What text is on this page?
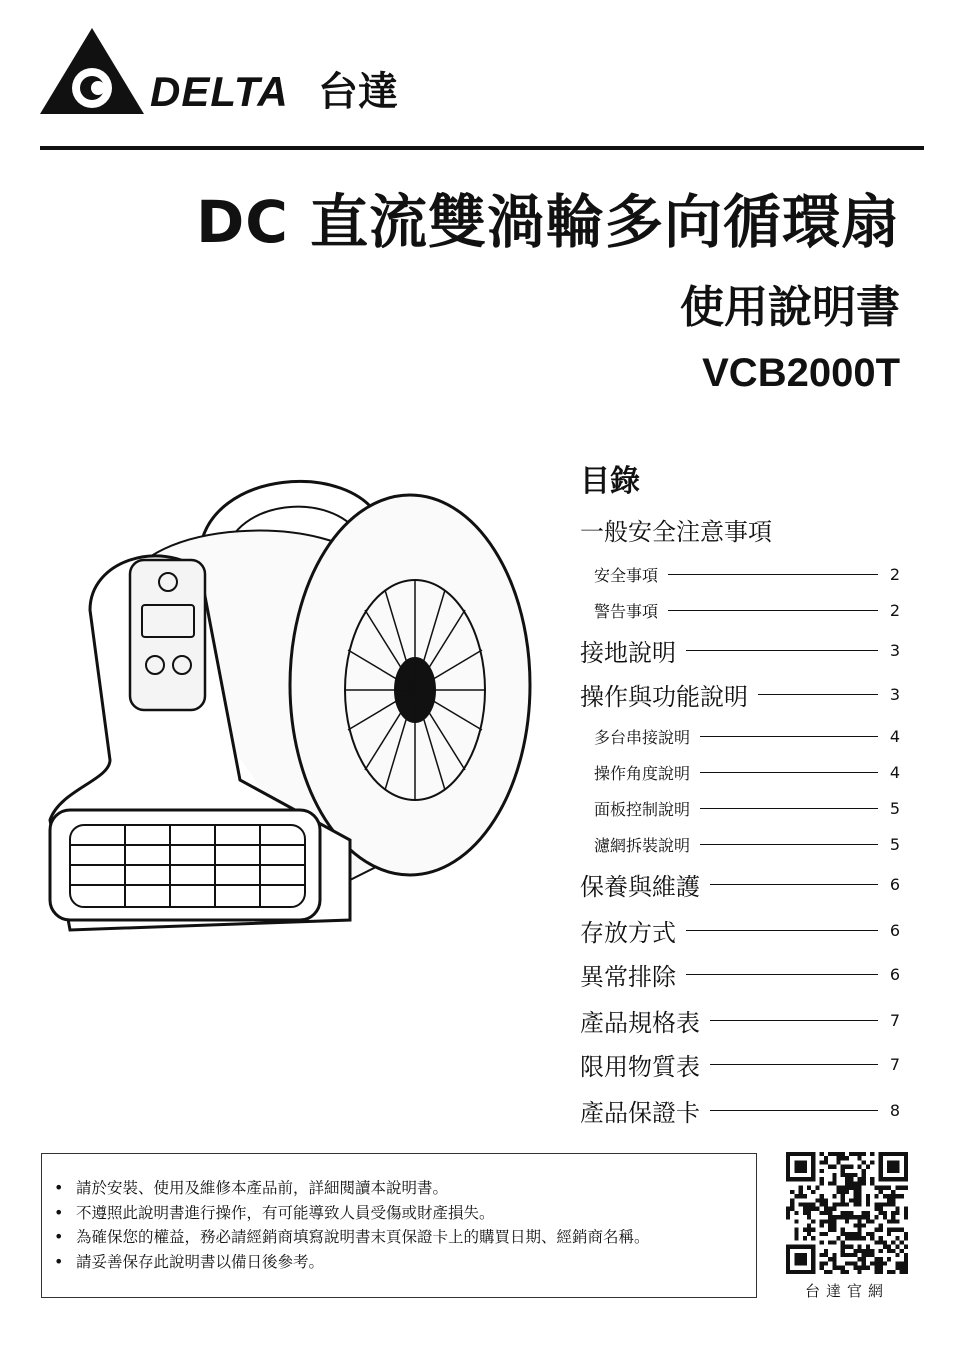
DELTA 台達
DC 直流雙渦輪多向循環扇
使用說明書
VCB2000T
目錄
一般安全注意事項
安全事項	2
警告事項	2
接地說明	3
操作與功能說明	3
多台串接說明	4
操作角度說明	4
面板控制說明	5
濾網拆裝說明	5
保養與維護	6
存放方式	6
異常排除	6
產品規格表	7
限用物質表	7
產品保證卡	8
• 請於安裝、使用及維修本產品前，詳細閱讀本說明書。
• 不遵照此說明書進行操作，有可能導致人員受傷或財產損失。
• 為確保您的權益，務必請經銷商填寫說明書末頁保證卡上的購買日期、經銷商名稱。
• 請妥善保存此說明書以備日後參考。
台達官網
